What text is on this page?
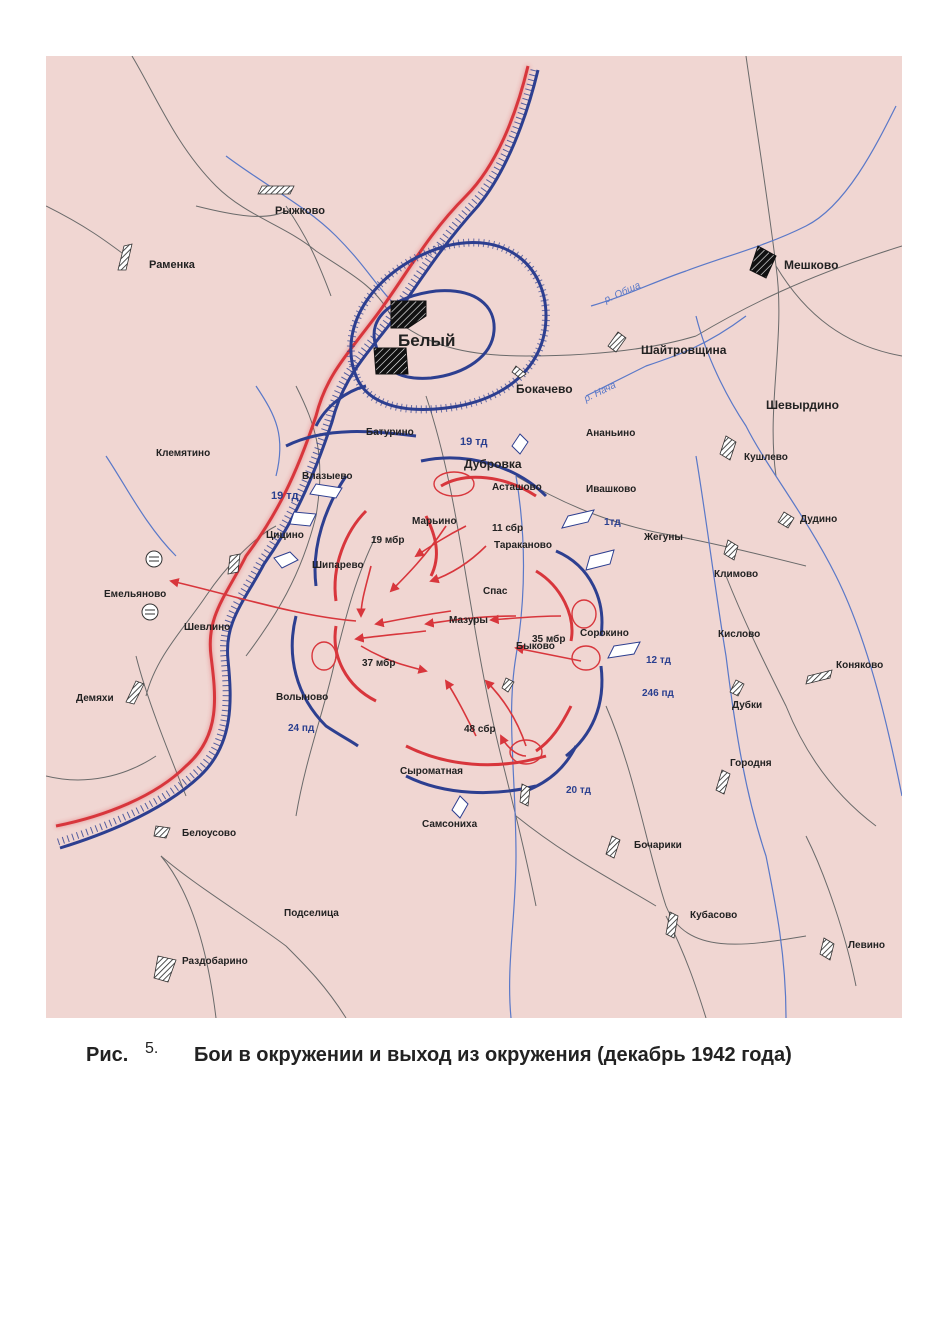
р. Обша
р. Нача
Белый
Рыжково
Раменка	Мешково
Шайтровщина
Бокачево
Шевырдино
Клемятино
Батурино	Ананьино
Дубровка	Кушлево
Влазыево
Асташово	Ивашково
Марьино	Дудино
Жегуны
Тараканово
Цицино
Шипарево
Климово
Емельяново	Спас
Мазуры
Сорокино	Кислово
Шевлино
Коняково
Демяхи	Волыново
Быково
Дубки
Городня
Сыроматная
Самсониха
Белоусово
Бочарики
Подселица	Кубасово
Левино
Раздобарино
19 тд
19 тд
1тд
12 тд
246 пд
24 пд
20 тд
19 мбр
11 сбр
35 мбр
37 мбр
48 сбр
Рис. 5. Бои в окружении и выход из окружения (декабрь 1942 года)
